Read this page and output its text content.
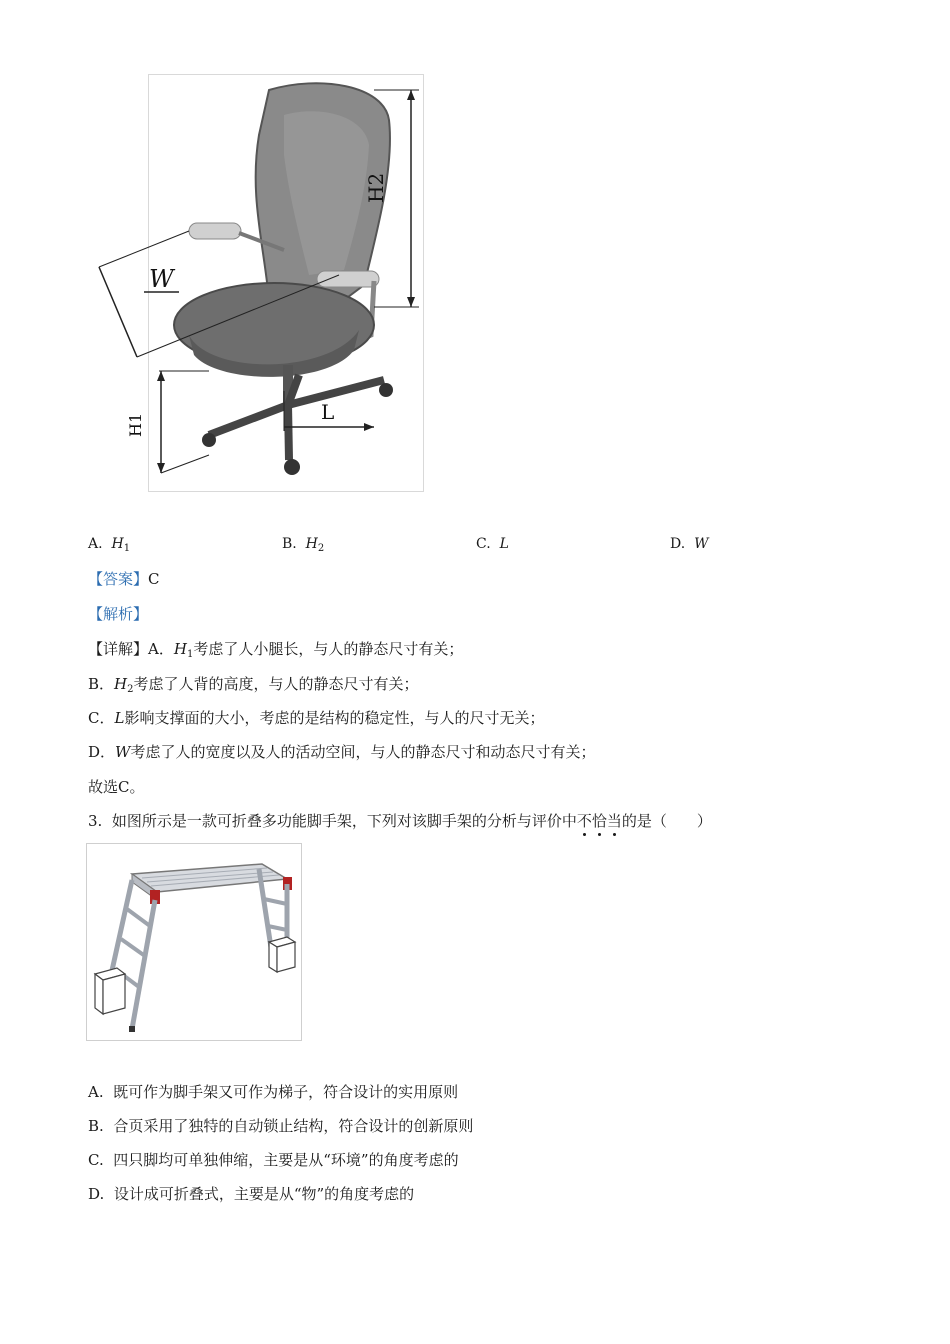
H2
W
H1
L
A. $H_1$	B. $H_2$	C. L	D. W
【答案】C
【解析】
【详解】A．$H_1$考虑了人小腿长，与人的静态尺寸有关；
B．$H_2$考虑了人背的高度，与人的静态尺寸有关；
C．L影响支撑面的大小，考虑的是结构的稳定性，与人的尺寸无关；
D．W考虑了人的宽度以及人的活动空间，与人的静态尺寸和动态尺寸有关；
故选C。
3. 如图所示是一款可折叠多功能脚手架，下列对该脚手架的分析与评价中不恰当的是（　　）
A. 既可作为脚手架又可作为梯子，符合设计的实用原则
B. 合页采用了独特的自动锁止结构，符合设计的创新原则
C. 四只脚均可单独伸缩，主要是从“环境”的角度考虑的
D. 设计成可折叠式，主要是从“物”的角度考虑的
